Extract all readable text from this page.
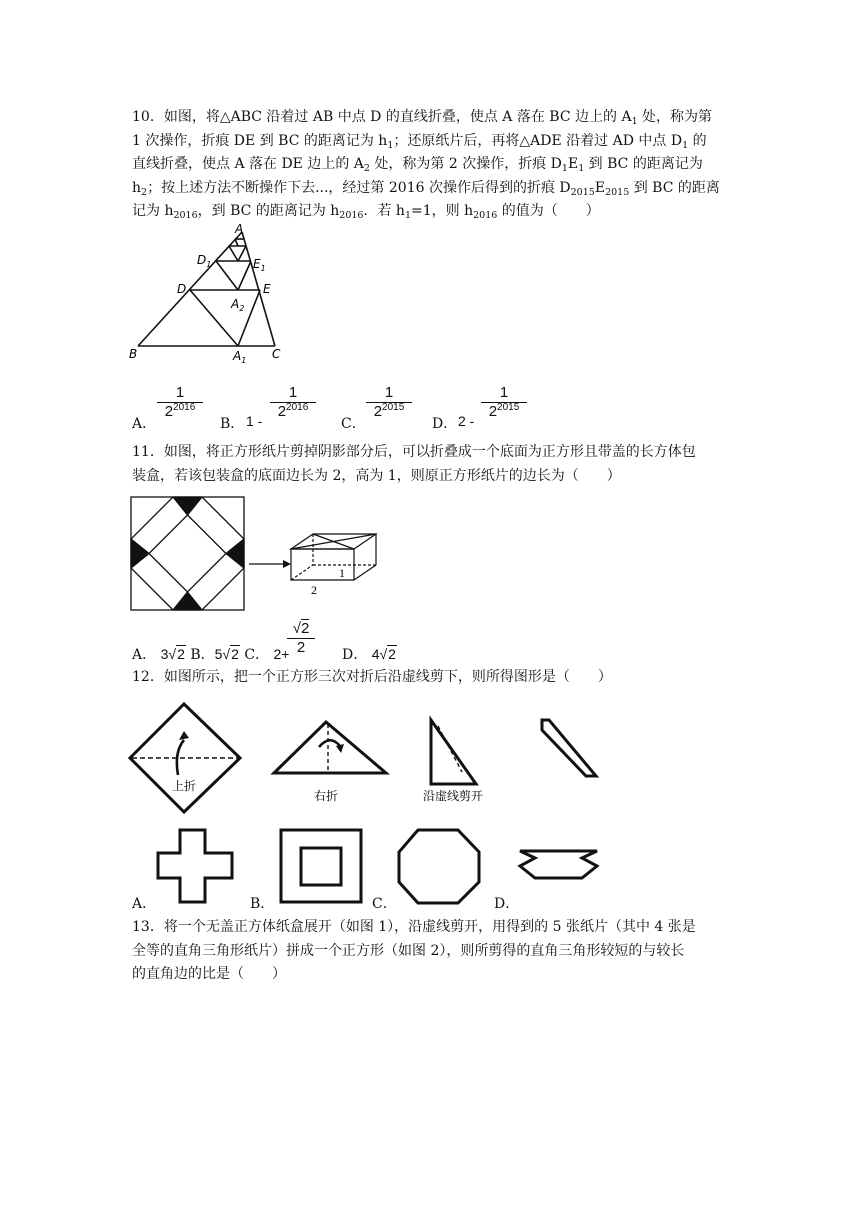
10．如图，将△ABC 沿着过 AB 中点 D 的直线折叠，使点 A 落在 BC 边上的 $A_1$ 处，称为第
1 次操作，折痕 DE 到 BC 的距离记为 $h_1$；还原纸片后，再将△ADE 沿着过 AD 中点 $D_1$ 的
直线折叠，使点 A 落在 DE 边上的 $A_2$ 处，称为第 2 次操作，折痕 $D_1E_1$ 到 BC 的距离记为
$h_2$；按上述方法不断操作下去...，经过第 2016 次操作后得到的折痕 $D_{2015}E_{2015}$ 到 BC 的距离
记为 $h_{2016}$，到 BC 的距离记为 $h_{2016}$．若 $h_1=1$，则 $h_{2016}$ 的值为（　　）
A
$D_1$	$E_1$
D	E
$A_2$
B	$A_1$ C
A．
1
$2^{2016}$
B． 1 -
1
$2^{2016}$
C．
1
$2^{2015}$
D． 2 -
1
$2^{2015}$
11．如图，将正方形纸片剪掉阴影部分后，可以折叠成一个底面为正方形且带盖的长方体包
装盒，若该包装盒的底面边长为 2，高为 1，则原正方形纸片的边长为（　　）
1
2
A． 3√2 B．5√2 C． 2+
√2
2	D． 4√2
12．如图所示，把一个正方形三次对折后沿虚线剪下，则所得图形是（　　）
上折
右折	沿虚线剪开
A．	B．	C．	D．
13．将一个无盖正方体纸盒展开（如图 1），沿虚线剪开，用得到的 5 张纸片（其中 4 张是
全等的直角三角形纸片）拼成一个正方形（如图 2），则所剪得的直角三角形较短的与较长
的直角边的比是（　　）
